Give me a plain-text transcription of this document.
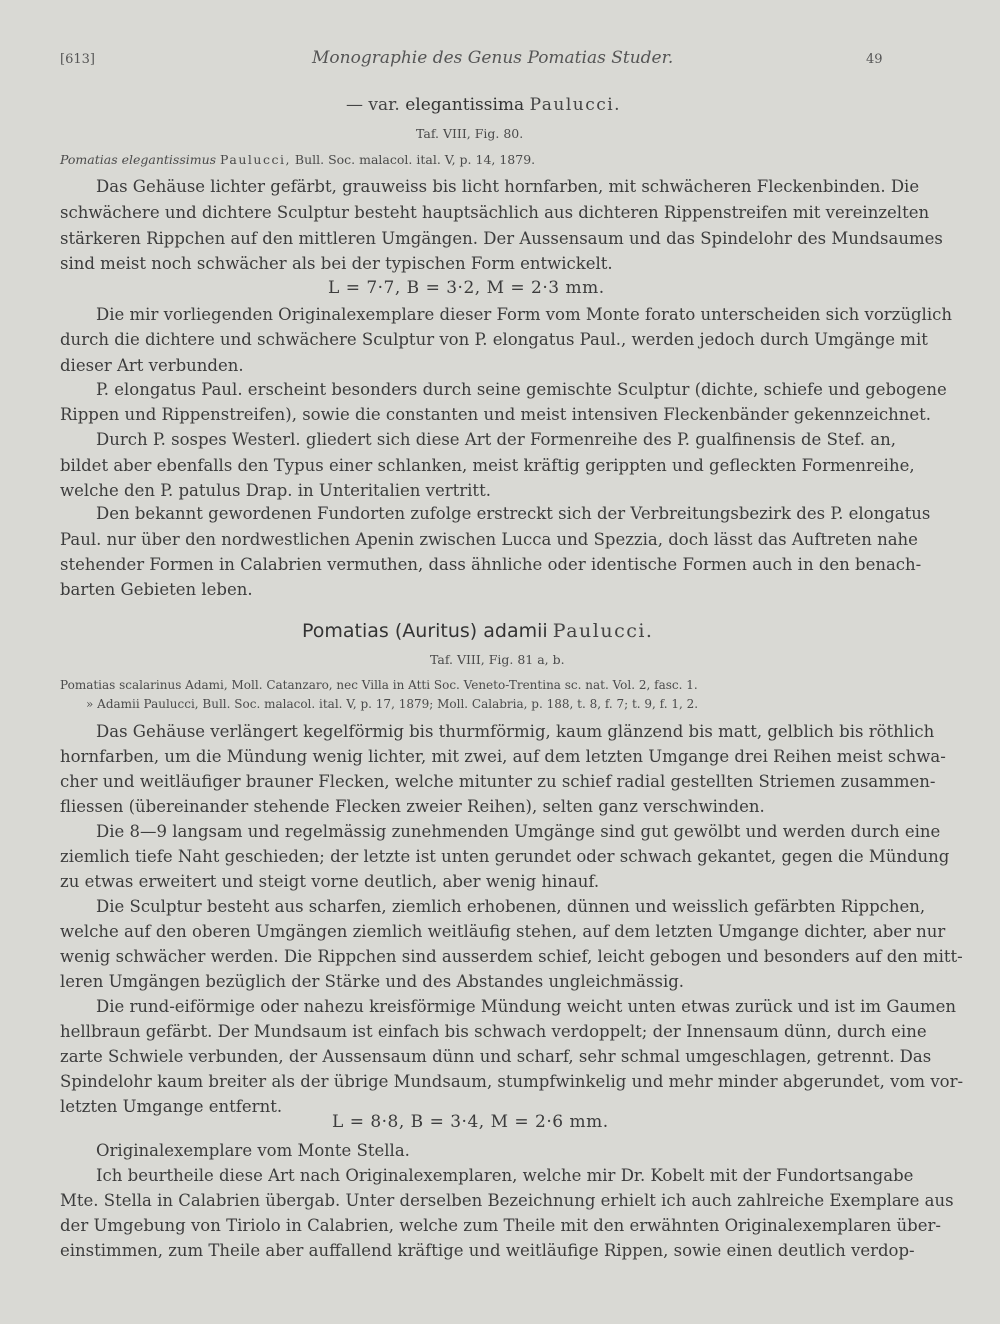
[613]	Monographie des Genus Pomatias Studer.	49
— var. elegantissima Paulucci.
Taf. VIII, Fig. 80.
Pomatias elegantissimus Paulucci, Bull. Soc. malacol. ital. V, p. 14, 1879.
Das Gehäuse lichter gefärbt, grauweiss bis licht hornfarben, mit schwächeren Fleckenbinden. Die
schwächere und dichtere Sculptur besteht hauptsächlich aus dichteren Rippenstreifen mit vereinzelten
stärkeren Rippchen auf den mittleren Umgängen. Der Aussensaum und das Spindelohr des Mundsaumes
sind meist noch schwächer als bei der typischen Form entwickelt.
L = 7·7, B = 3·2, M = 2·3 mm.
Die mir vorliegenden Originalexemplare dieser Form vom Monte forato unterscheiden sich vorzüglich
durch die dichtere und schwächere Sculptur von P. elongatus Paul., werden jedoch durch Umgänge mit
dieser Art verbunden.
P. elongatus Paul. erscheint besonders durch seine gemischte Sculptur (dichte, schiefe und gebogene
Rippen und Rippenstreifen), sowie die constanten und meist intensiven Fleckenbänder gekennzeichnet.
Durch P. sospes Westerl. gliedert sich diese Art der Formenreihe des P. gualfinensis de Stef. an,
bildet aber ebenfalls den Typus einer schlanken, meist kräftig gerippten und gefleckten Formenreihe,
welche den P. patulus Drap. in Unteritalien vertritt.
Den bekannt gewordenen Fundorten zufolge erstreckt sich der Verbreitungsbezirk des P. elongatus
Paul. nur über den nordwestlichen Apenin zwischen Lucca und Spezzia, doch lässt das Auftreten nahe
stehender Formen in Calabrien vermuthen, dass ähnliche oder identische Formen auch in den benach-
barten Gebieten leben.
Pomatias (Auritus) adamii Paulucci.
Taf. VIII, Fig. 81 a, b.
Pomatias scalarinus Adami, Moll. Catanzaro, nec Villa in Atti Soc. Veneto-Trentina sc. nat. Vol. 2, fasc. 1.
» Adamii Paulucci, Bull. Soc. malacol. ital. V, p. 17, 1879; Moll. Calabria, p. 188, t. 8, f. 7; t. 9, f. 1, 2.
Das Gehäuse verlängert kegelförmig bis thurmförmig, kaum glänzend bis matt, gelblich bis röthlich
hornfarben, um die Mündung wenig lichter, mit zwei, auf dem letzten Umgange drei Reihen meist schwa-
cher und weitläufiger brauner Flecken, welche mitunter zu schief radial gestellten Striemen zusammen-
fliessen (übereinander stehende Flecken zweier Reihen), selten ganz verschwinden.
Die 8—9 langsam und regelmässig zunehmenden Umgänge sind gut gewölbt und werden durch eine
ziemlich tiefe Naht geschieden; der letzte ist unten gerundet oder schwach gekantet, gegen die Mündung
zu etwas erweitert und steigt vorne deutlich, aber wenig hinauf.
Die Sculptur besteht aus scharfen, ziemlich erhobenen, dünnen und weisslich gefärbten Rippchen,
welche auf den oberen Umgängen ziemlich weitläufig stehen, auf dem letzten Umgange dichter, aber nur
wenig schwächer werden. Die Rippchen sind ausserdem schief, leicht gebogen und besonders auf den mitt-
leren Umgängen bezüglich der Stärke und des Abstandes ungleichmässig.
Die rund-eiförmige oder nahezu kreisförmige Mündung weicht unten etwas zurück und ist im Gaumen
hellbraun gefärbt. Der Mundsaum ist einfach bis schwach verdoppelt; der Innensaum dünn, durch eine
zarte Schwiele verbunden, der Aussensaum dünn und scharf, sehr schmal umgeschlagen, getrennt. Das
Spindelohr kaum breiter als der übrige Mundsaum, stumpfwinkelig und mehr minder abgerundet, vom vor-
letzten Umgange entfernt.
L = 8·8, B = 3·4, M = 2·6 mm.
Originalexemplare vom Monte Stella.
Ich beurtheile diese Art nach Originalexemplaren, welche mir Dr. Kobelt mit der Fundortsangabe
Mte. Stella in Calabrien übergab. Unter derselben Bezeichnung erhielt ich auch zahlreiche Exemplare aus
der Umgebung von Tiriolo in Calabrien, welche zum Theile mit den erwähnten Originalexemplaren über-
einstimmen, zum Theile aber auffallend kräftige und weitläufige Rippen, sowie einen deutlich verdop-
